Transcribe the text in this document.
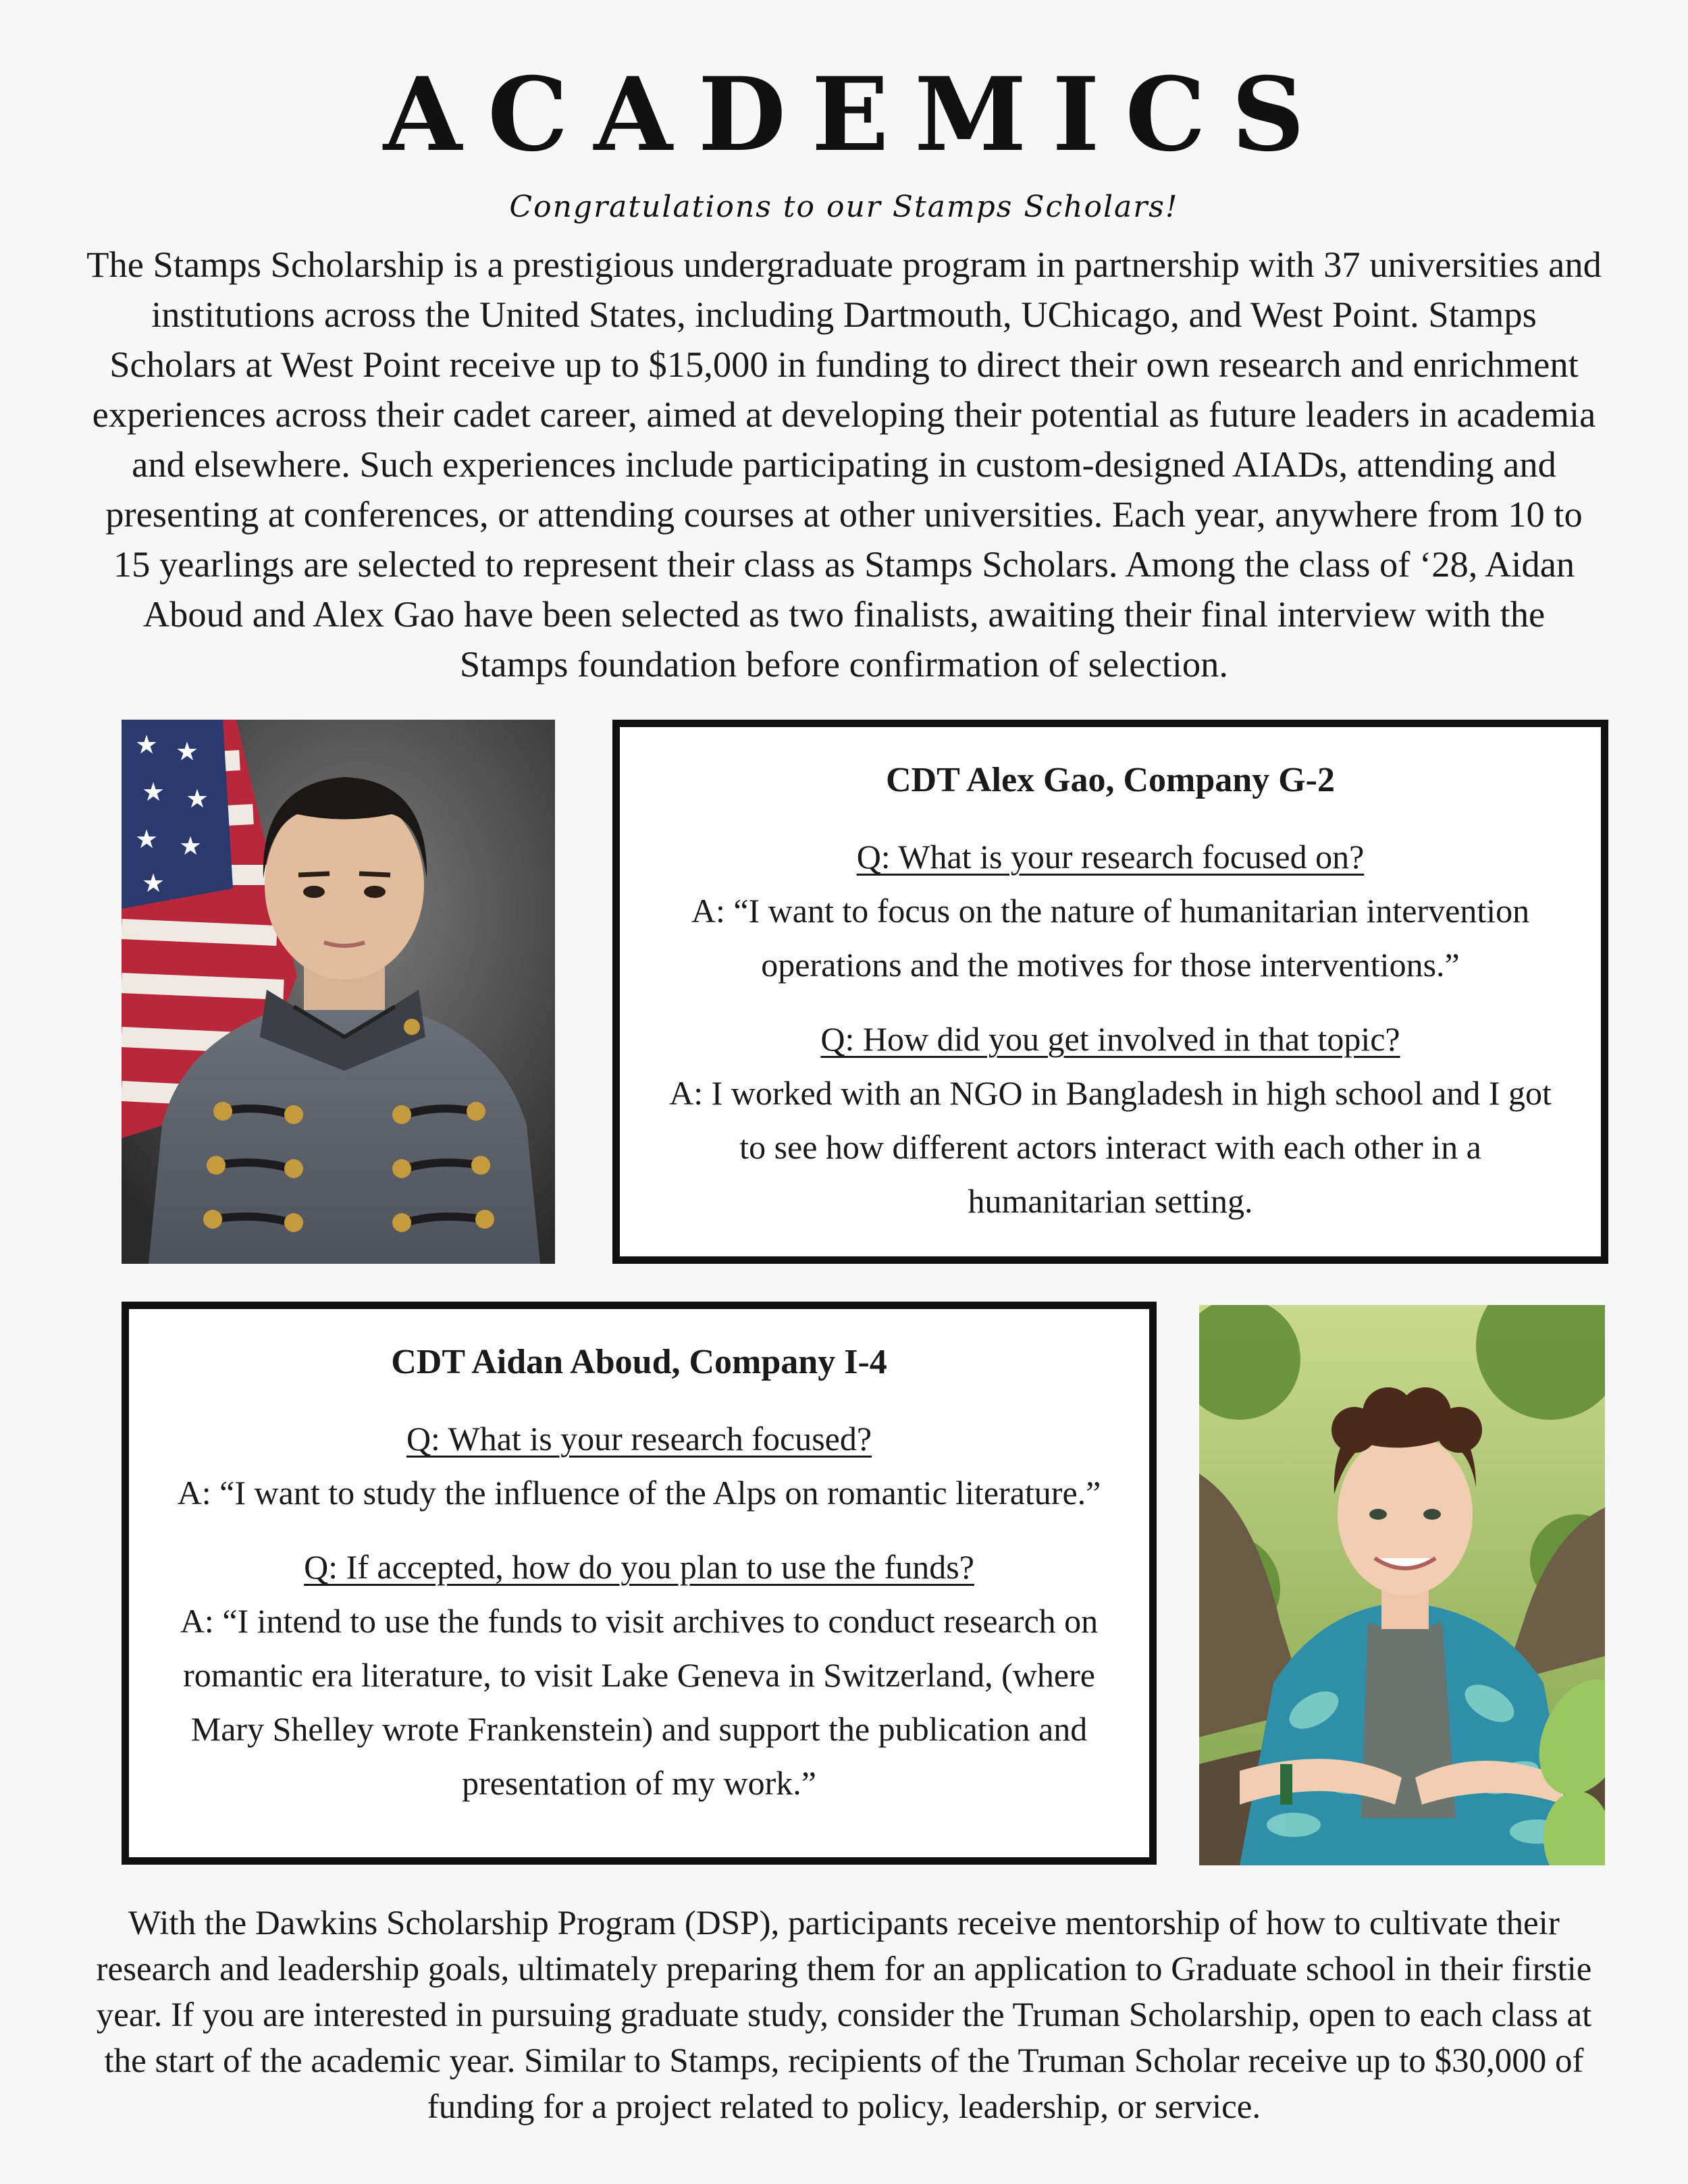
ACADEMICS
Congratulations to our Stamps Scholars!
The Stamps Scholarship is a prestigious undergraduate program in partnership with 37 universities and institutions across the United States, including Dartmouth, UChicago, and West Point. Stamps Scholars at West Point receive up to $15,000 in funding to direct their own research and enrichment experiences across their cadet career, aimed at developing their potential as future leaders in academia and elsewhere. Such experiences include participating in custom-designed AIADs, attending and presenting at conferences, or attending courses at other universities. Each year, anywhere from 10 to 15 yearlings are selected to represent their class as Stamps Scholars. Among the class of ‘28, Aidan Aboud and Alex Gao have been selected as two finalists, awaiting their final interview with the Stamps foundation before confirmation of selection.
★ ★
★ ★
★ ★
★
CDT Alex Gao, Company G-2
Q: What is your research focused on?
A: “I want to focus on the nature of humanitarian intervention operations and the motives for those interventions.”
Q: How did you get involved in that topic?
A: I worked with an NGO in Bangladesh in high school and I got to see how different actors interact with each other in a humanitarian setting.
CDT Aidan Aboud, Company I-4
Q: What is your research focused?
A: “I want to study the influence of the Alps on romantic literature.”
Q: If accepted, how do you plan to use the funds?
A: “I intend to use the funds to visit archives to conduct research on romantic era literature, to visit Lake Geneva in Switzerland, (where Mary Shelley wrote Frankenstein) and support the publication and presentation of my work.”
With the Dawkins Scholarship Program (DSP), participants receive mentorship of how to cultivate their research and leadership goals, ultimately preparing them for an application to Graduate school in their firstie year. If you are interested in pursuing graduate study, consider the Truman Scholarship, open to each class at the start of the academic year. Similar to Stamps, recipients of the Truman Scholar receive up to $30,000 of funding for a project related to policy, leadership, or service.
